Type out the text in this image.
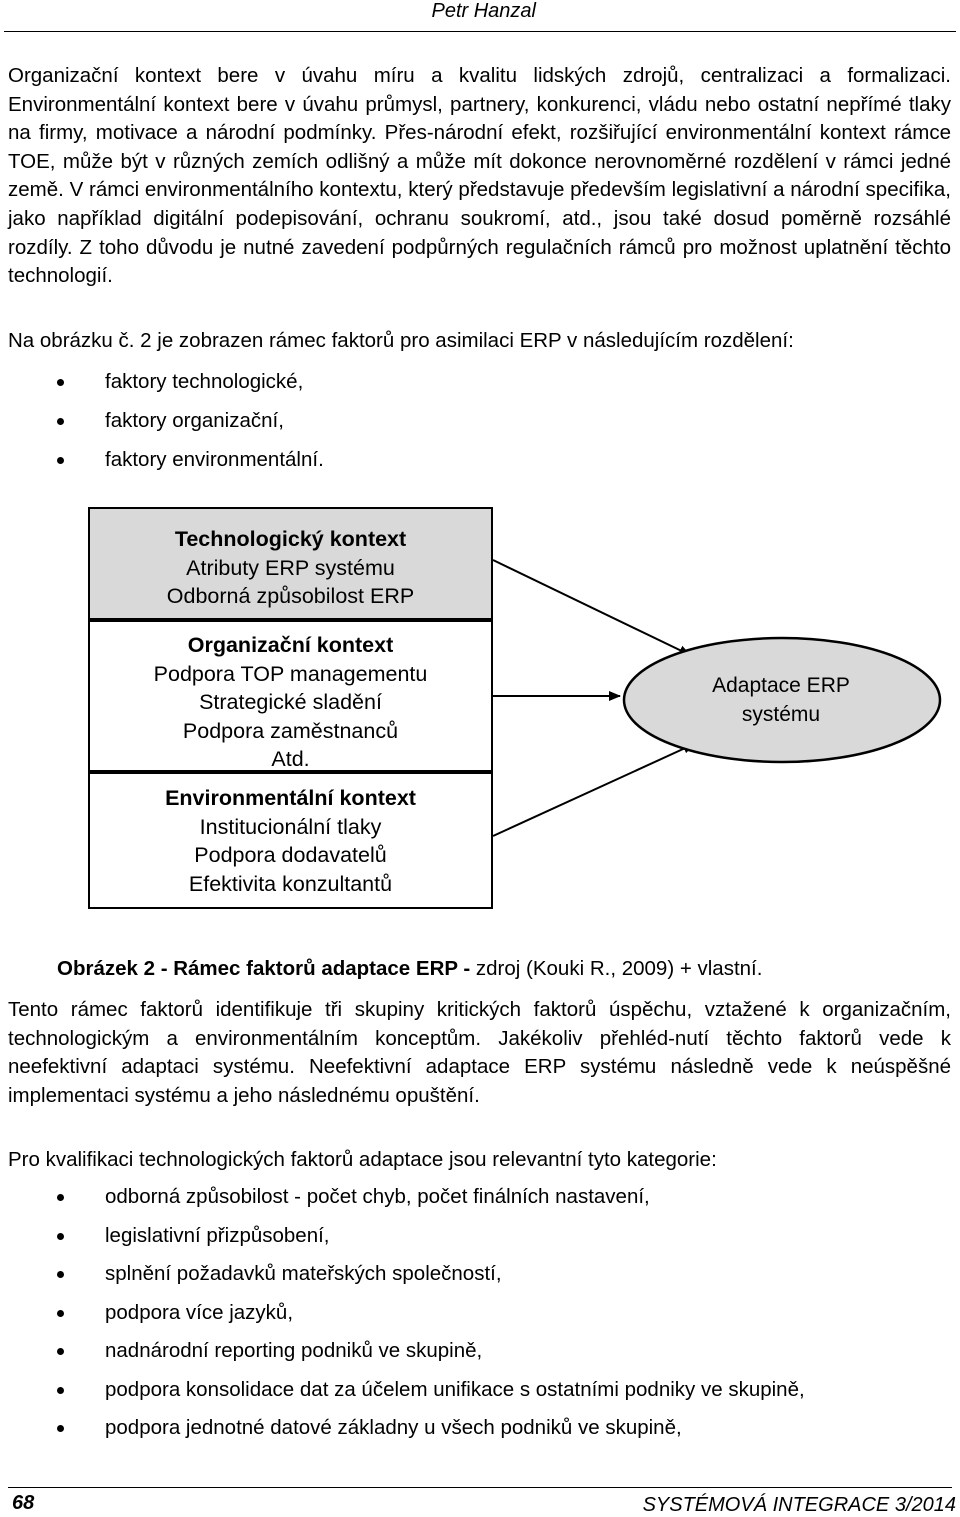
Petr Hanzal

Organizační kontext bere v úvahu míru a kvalitu lidských zdrojů, centralizaci a formalizaci. Environmentální kontext bere v úvahu průmysl, partnery, konkurenci, vládu nebo ostatní nepřímé tlaky na firmy, motivace a národní podmínky. Přes-národní efekt, rozšiřující environmentální kontext rámce TOE, může být v různých zemích odlišný a může mít dokonce nerovnoměrné rozdělení v rámci jedné země. V rámci environmentálního kontextu, který představuje především legislativní a národní specifika, jako například digitální podepisování, ochranu soukromí, atd., jsou také dosud poměrně rozsáhlé rozdíly. Z toho důvodu je nutné zavedení podpůrných regulačních rámců pro možnost uplatnění těchto technologií.

Na obrázku č. 2 je zobrazen rámec faktorů pro asimilaci ERP v následujícím rozdělení:

faktory technologické,
faktory organizační,
faktory environmentální.
Technologický kontext
Atributy ERP systému
Odborná způsobilost ERP
Organizační kontext
Podpora TOP managementu
Strategické sladění
Podpora zaměstnanců
Atd.
Environmentální kontext
Institucionální tlaky
Podpora dodavatelů
Efektivita konzultantů
Adaptace ERP
systému
Obrázek 2 - Rámec faktorů adaptace ERP - zdroj (Kouki R., 2009) + vlastní.

Tento rámec faktorů identifikuje tři skupiny kritických faktorů úspěchu, vztažené k organizačním, technologickým a environmentálním konceptům. Jakékoliv přehléd-nutí těchto faktorů vede k neefektivní adaptaci systému. Neefektivní adaptace ERP systému následně vede k neúspěšné implementaci systému a jeho následnému opuštění.

Pro kvalifikaci technologických faktorů adaptace jsou relevantní tyto kategorie:

odborná způsobilost - počet chyb, počet finálních nastavení,
legislativní přizpůsobení,
splnění požadavků mateřských společností,
podpora více jazyků,
nadnárodní reporting podniků ve skupině,
podpora konsolidace dat za účelem unifikace s ostatními podniky ve skupině,
podpora jednotné datové základny u všech podniků ve skupině,
68	SYSTÉMOVÁ INTEGRACE 3/2014
